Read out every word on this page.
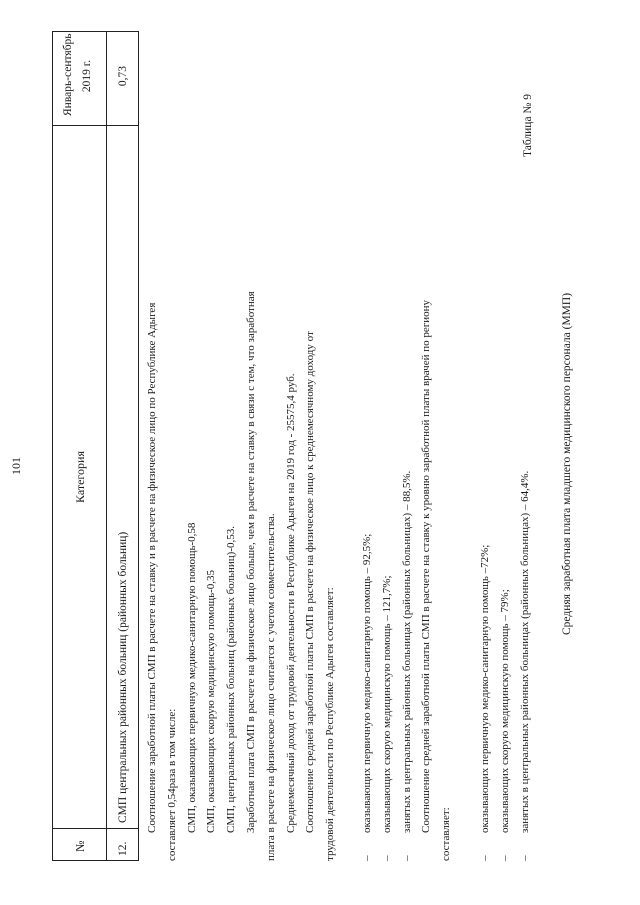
101
№
Категория
Январь-сентябрь 2019 г.
12.
СМП центральных районных больниц (районных больниц)
0,73
Соотношение заработной платы СМП в расчете на ставку и в расчете на физическое лицо по Республике Адыгея составляет 0,54раза в том числе: СМП, оказывающих первичную медико-санитарную помощь-0,58 СМП, оказывающих скорую медицинскую помощь-0,35 СМП, центральных районных больниц (районных больниц)-0,53. Заработная плата СМП в расчете на физическое лицо больше, чем в расчете на ставку в связи с тем, что заработная плата в расчете на физическое лицо считается с учетом совместительства. Среднемесячный доход от трудовой деятельности в Республике Адыгея на 2019 год - 25575,4 руб. Соотношение средней заработной платы СМП в расчете на физическое лицо к среднемесячному доходу от трудовой деятельности по Республике Адыгея составляет: –
оказывающих первичную медико-санитарную помощь – 92,5%;
–
оказывающих скорую медицинскую помощь – 121,7%;
–
занятых в центральных районных больницах (районных больницах) – 88,5%. Соотношение средней заработной платы СМП в расчете на ставку к уровню заработной платы врачей по региону
составляет: –
оказывающих первичную медико-санитарную помощь –72%;
–
оказывающих скорую медицинскую помощь – 79%;
–
занятых в центральных районных больницах (районных больницах) – 64,4%.
Таблица № 9
Средняя заработная плата младшего медицинского персонала (ММП)
